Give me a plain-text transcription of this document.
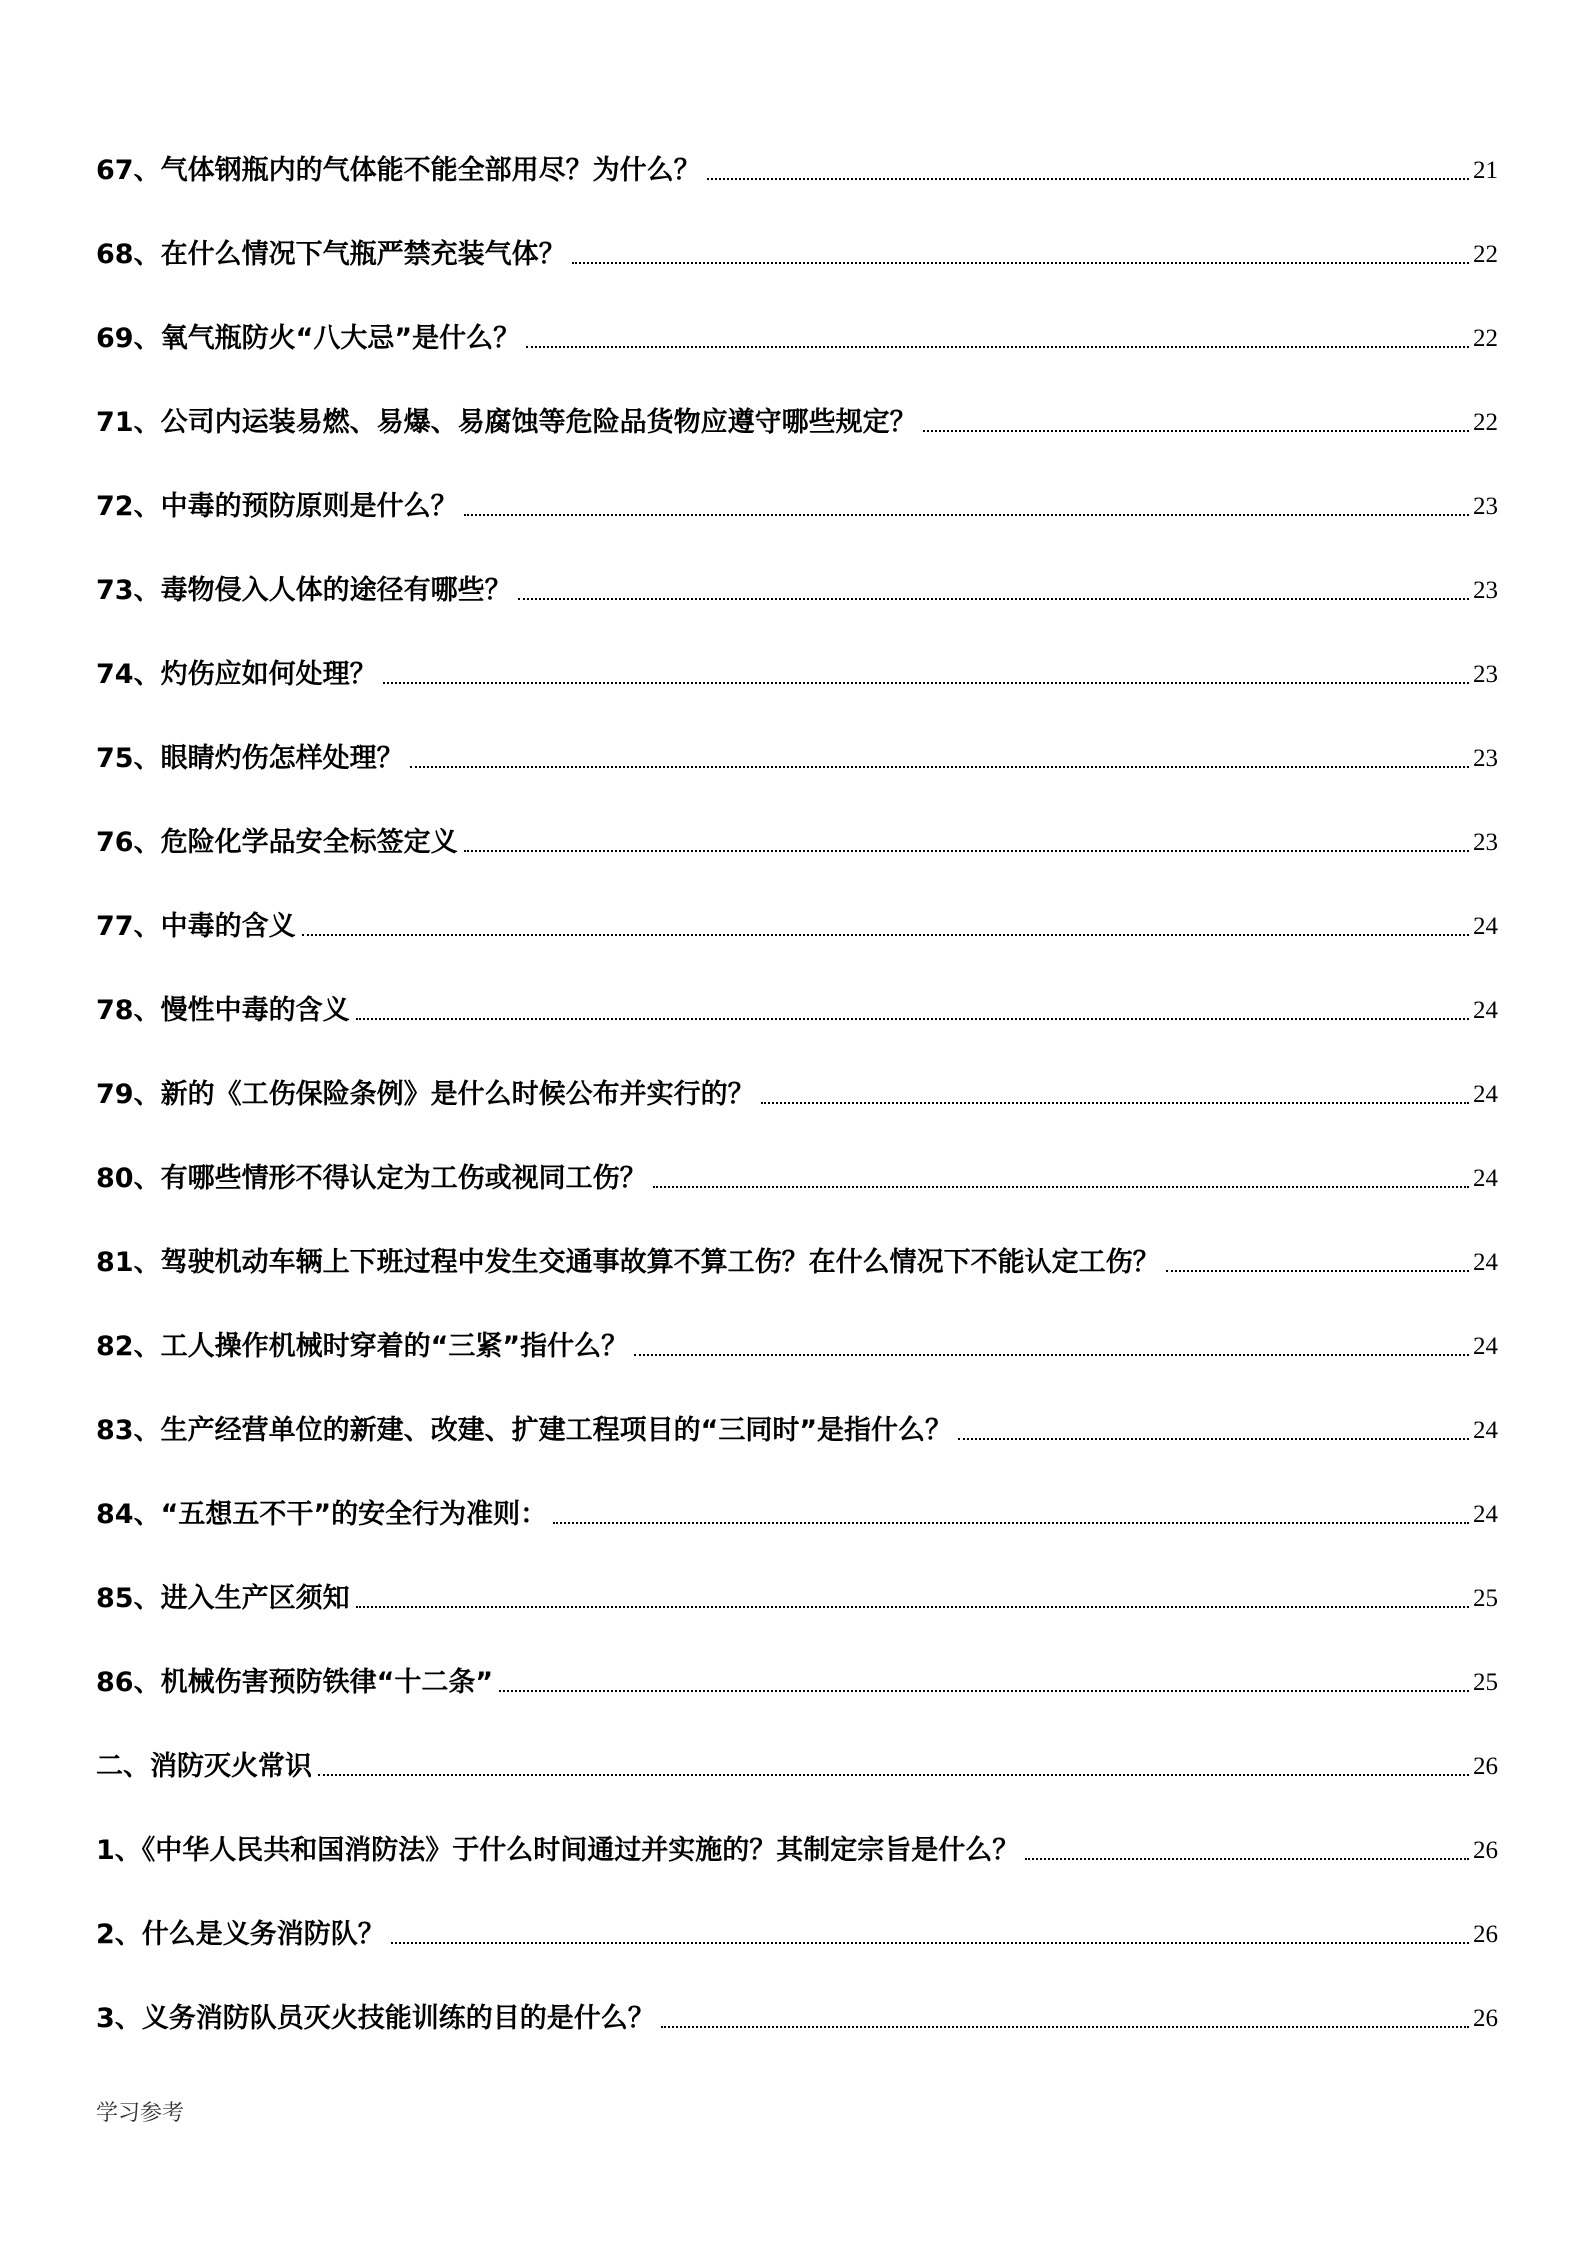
67、气体钢瓶内的气体能不能全部用尽？为什么？	21
68、在什么情况下气瓶严禁充装气体？	22
69、氧气瓶防火“八大忌”是什么？	22
71、公司内运装易燃、易爆、易腐蚀等危险品货物应遵守哪些规定？	22
72、中毒的预防原则是什么？	23
73、毒物侵入人体的途径有哪些？	23
74、灼伤应如何处理？	23
75、眼睛灼伤怎样处理？	23
76、危险化学品安全标签定义	23
77、中毒的含义	24
78、慢性中毒的含义	24
79、新的《工伤保险条例》是什么时候公布并实行的？	24
80、有哪些情形不得认定为工伤或视同工伤？	24
81、驾驶机动车辆上下班过程中发生交通事故算不算工伤？在什么情况下不能认定工伤？	24
82、工人操作机械时穿着的“三紧”指什么？	24
83、生产经营单位的新建、改建、扩建工程项目的“三同时”是指什么？	24
84、“五想五不干”的安全行为准则：	24
85、进入生产区须知	25
86、机械伤害预防铁律“十二条”	25
二、消防灭火常识	26
1、《中华人民共和国消防法》于什么时间通过并实施的？其制定宗旨是什么？	26
2、什么是义务消防队？	26
3、义务消防队员灭火技能训练的目的是什么？	26
学习参考
